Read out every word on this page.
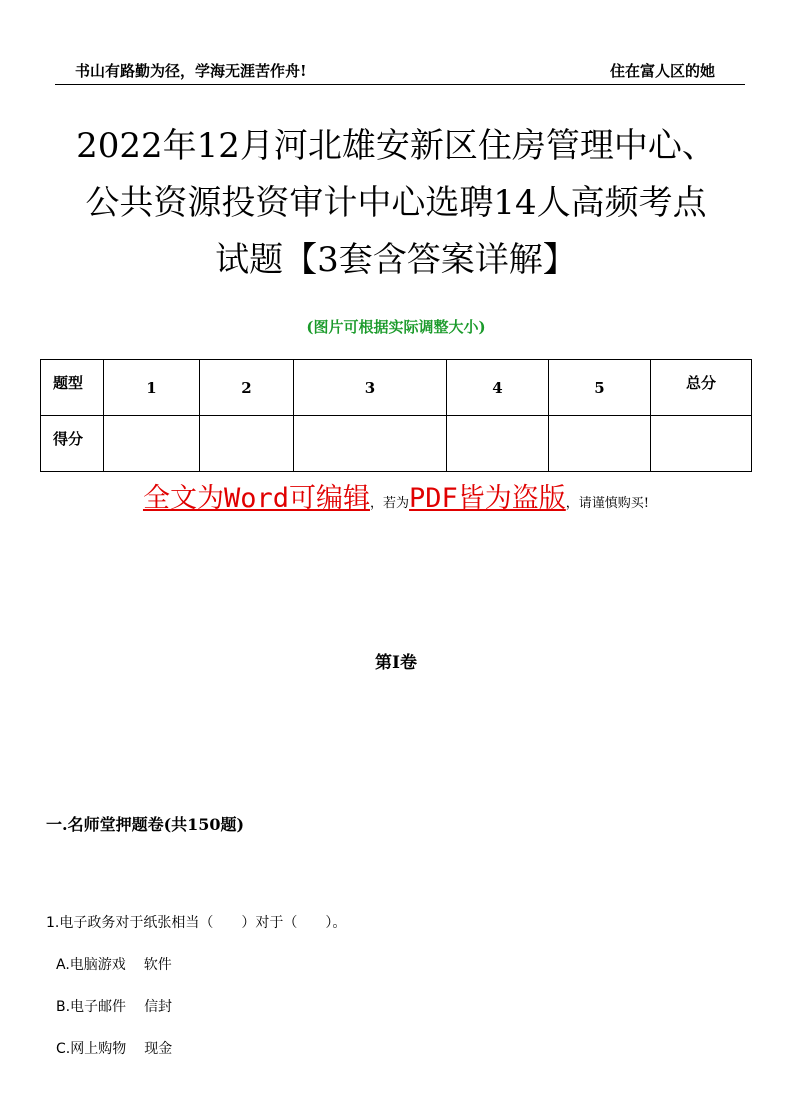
书山有路勤为径，学海无涯苦作舟!	住在富人区的她
2022年12月河北雄安新区住房管理中心、
公共资源投资审计中心选聘14人高频考点
试题【3套含答案详解】
(图片可根据实际调整大小)
题型	1	2	3	4	5	总分
得分						
全文为Word可编辑，若为PDF皆为盗版，请谨慎购买!
第I卷
一.名师堂押题卷(共150题)
1.电子政务对于纸张相当（　　）对于（　　）。
A.电脑游戏 软件
B.电子邮件 信封
C.网上购物 现金
